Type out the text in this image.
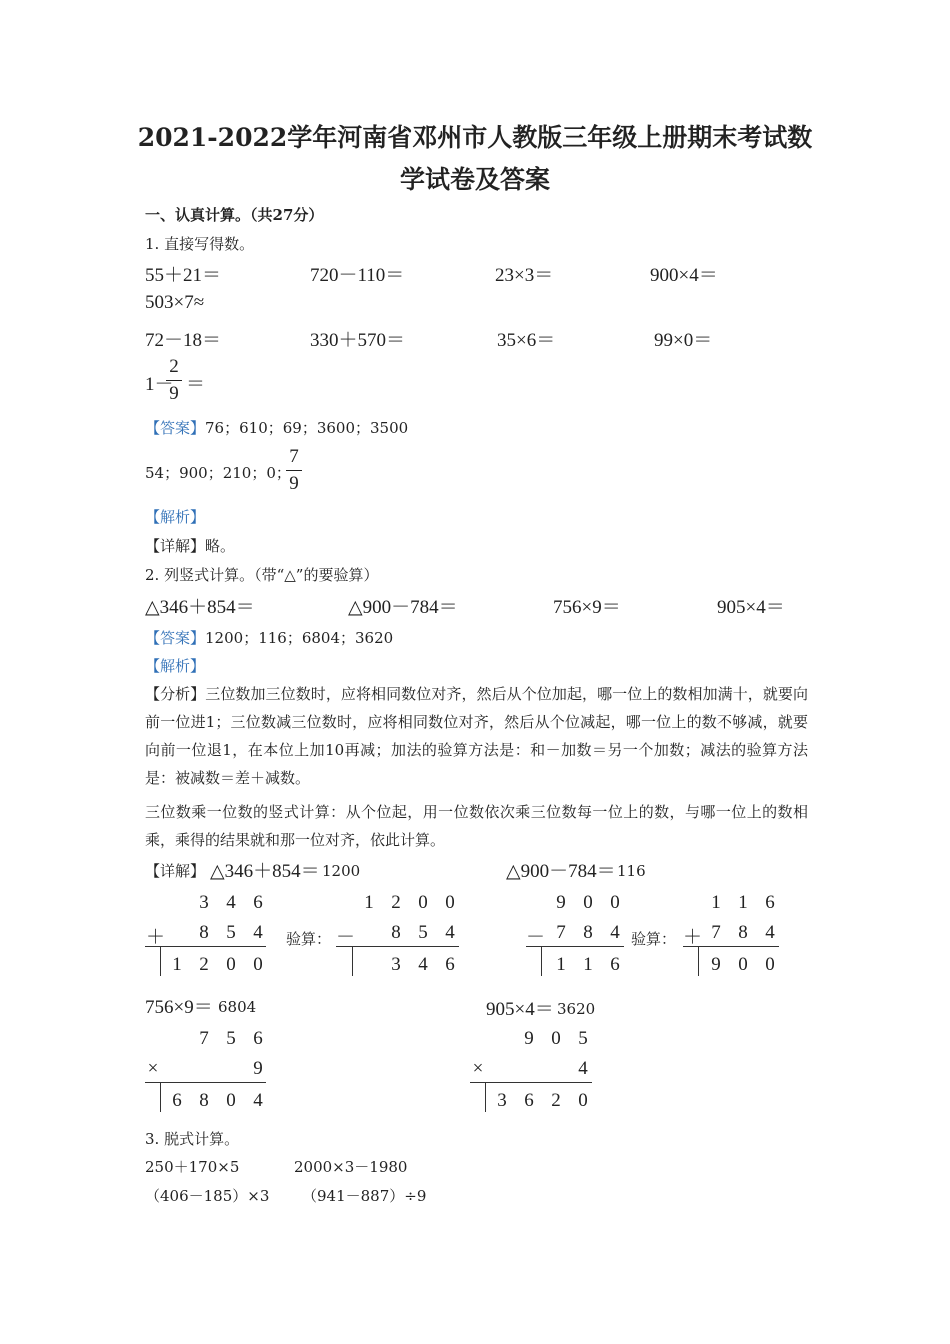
2021-2022学年河南省邓州市人教版三年级上册期末考试数
学试卷及答案
一、认真计算。（共27分）
1. 直接写得数。
55＋21＝	720－110＝	23×3＝	900×4＝
503×7≈
72－18＝	330＋570＝	35×6＝	99×0＝
1－
2
9 ＝
【答案】76；610；69；3600；3500
54；900；210；0；
7
9
【解析】
【详解】略。
2. 列竖式计算。（带“△”的要验算）
△346＋854＝	△900－784＝	756×9＝	905×4＝
【答案】1200；116；6804；3620
【解析】
【分析】三位数加三位数时，应将相同数位对齐，然后从个位加起，哪一位上的数相加满十，就要向前一位进1；三位数减三位数时，应将相同数位对齐，然后从个位减起，哪一位上的数不够减，就要向前一位退1，在本位上加10再减；加法的验算方法是：和－加数＝另一个加数；减法的验算方法是：被减数＝差＋减数。
三位数乘一位数的竖式计算：从个位起，用一位数依次乘三位数每一位上的数，与哪一位上的数相乘，乘得的结果就和那一位对齐，依此计算。
【详解】 △346＋854＝ 1200	△900－784＝ 116
3 4 6
8 5 4
＋
1 2 0 0
验算：
1 2 0 0
8 5 4
－
3 4 6
9 0 0
7 8 4
－
1 1 6
验算：
1 1 6
7 8 4
＋
9 0 0
756×9＝ 6804	905×4＝ 3620
7 5 6
9
×
6 8 0 4
9 0 5
4
×
3 6 2 0
3. 脱式计算。
250＋170×5	2000×3－1980
（406－185）×3 （941－887）÷9
